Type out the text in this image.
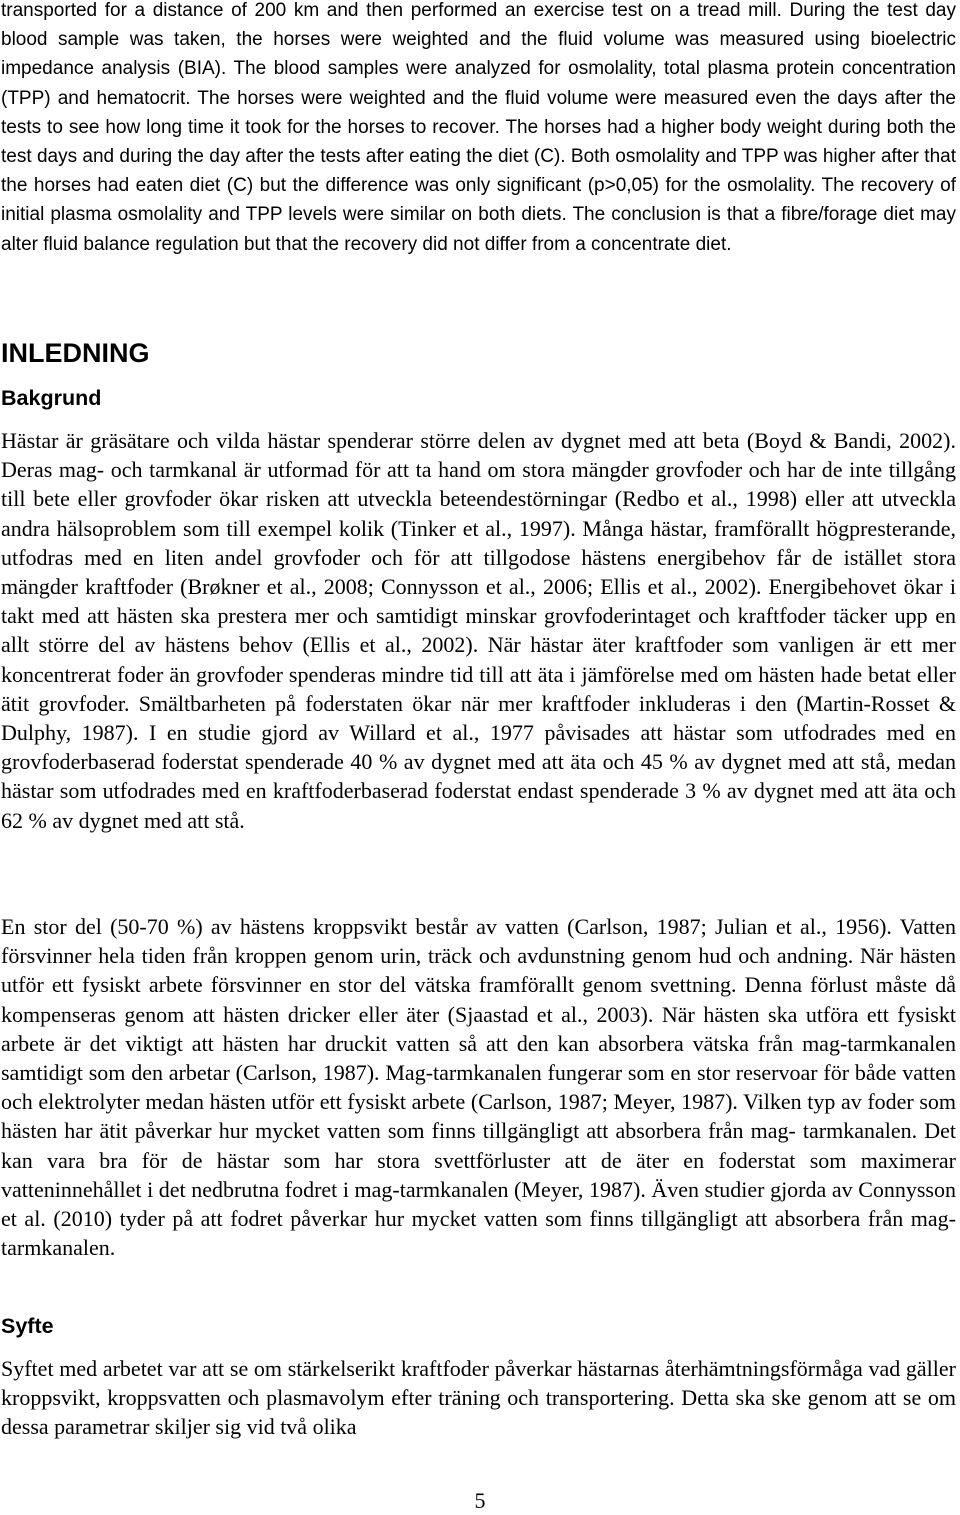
transported for a distance of 200 km and then performed an exercise test on a tread mill. During the test day blood sample was taken, the horses were weighted and the fluid volume was measured using bioelectric impedance analysis (BIA). The blood samples were analyzed for osmolality, total plasma protein concentration (TPP) and hematocrit. The horses were weighted and the fluid volume were measured even the days after the tests to see how long time it took for the horses to recover. The horses had a higher body weight during both the test days and during the day after the tests after eating the diet (C). Both osmolality and TPP was higher after that the horses had eaten diet (C) but the difference was only significant (p>0,05) for the osmolality. The recovery of initial plasma osmolality and TPP levels were similar on both diets. The conclusion is that a fibre/forage diet may alter fluid balance regulation but that the recovery did not differ from a concentrate diet.

INLEDNING
Bakgrund

Hästar är gräsätare och vilda hästar spenderar större delen av dygnet med att beta (Boyd & Bandi, 2002). Deras mag- och tarmkanal är utformad för att ta hand om stora mängder grovfoder och har de inte tillgång till bete eller grovfoder ökar risken att utveckla beteendestörningar (Redbo et al., 1998) eller att utveckla andra hälsoproblem som till exempel kolik (Tinker et al., 1997). Många hästar, framförallt högpresterande, utfodras med en liten andel grovfoder och för att tillgodose hästens energibehov får de istället stora mängder kraftfoder (Brøkner et al., 2008; Connysson et al., 2006; Ellis et al., 2002). Energibehovet ökar i takt med att hästen ska prestera mer och samtidigt minskar grovfoderintaget och kraftfoder täcker upp en allt större del av hästens behov (Ellis et al., 2002). När hästar äter kraftfoder som vanligen är ett mer koncentrerat foder än grovfoder spenderas mindre tid till att äta i jämförelse med om hästen hade betat eller ätit grovfoder. Smältbarheten på foderstaten ökar när mer kraftfoder inkluderas i den (Martin-Rosset & Dulphy, 1987). I en studie gjord av Willard et al., 1977 påvisades att hästar som utfodrades med en grovfoderbaserad foderstat spenderade 40 % av dygnet med att äta och 45 % av dygnet med att stå, medan hästar som utfodrades med en kraftfoderbaserad foderstat endast spenderade 3 % av dygnet med att äta och 62 % av dygnet med att stå.

En stor del (50-70 %) av hästens kroppsvikt består av vatten (Carlson, 1987; Julian et al., 1956). Vatten försvinner hela tiden från kroppen genom urin, träck och avdunstning genom hud och andning. När hästen utför ett fysiskt arbete försvinner en stor del vätska framförallt genom svettning. Denna förlust måste då kompenseras genom att hästen dricker eller äter (Sjaastad et al., 2003). När hästen ska utföra ett fysiskt arbete är det viktigt att hästen har druckit vatten så att den kan absorbera vätska från mag-tarmkanalen samtidigt som den arbetar (Carlson, 1987). Mag-tarmkanalen fungerar som en stor reservoar för både vatten och elektrolyter medan hästen utför ett fysiskt arbete (Carlson, 1987; Meyer, 1987). Vilken typ av foder som hästen har ätit påverkar hur mycket vatten som finns tillgängligt att absorbera från mag- tarmkanalen. Det kan vara bra för de hästar som har stora svettförluster att de äter en foderstat som maximerar vatteninnehållet i det nedbrutna fodret i mag-tarmkanalen (Meyer, 1987). Även studier gjorda av Connysson et al. (2010) tyder på att fodret påverkar hur mycket vatten som finns tillgängligt att absorbera från mag-tarmkanalen.

Syfte

Syftet med arbetet var att se om stärkelserikt kraftfoder påverkar hästarnas återhämtningsförmåga vad gäller kroppsvikt, kroppsvatten och plasmavolym efter träning och transportering. Detta ska ske genom att se om dessa parametrar skiljer sig vid två olika

5
